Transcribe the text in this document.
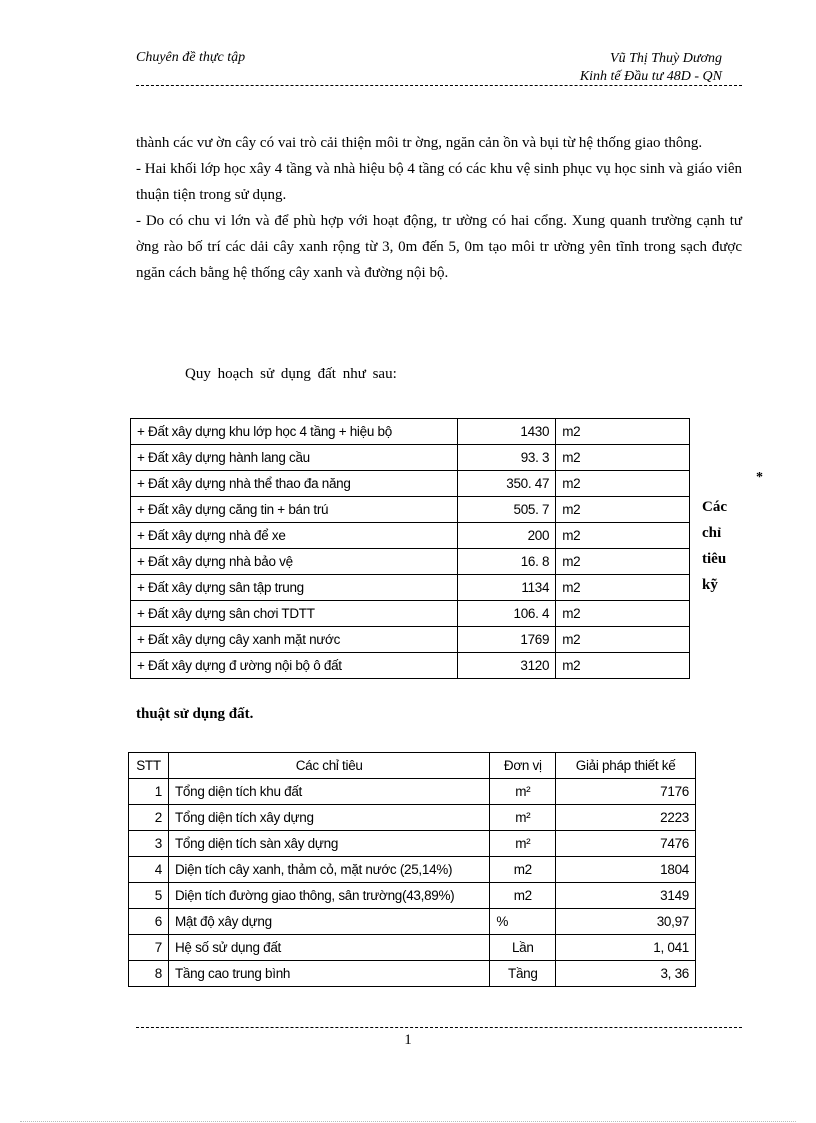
Chuyên đề thực tập	Vũ Thị Thuỳ Dương
Kinh tế Đầu tư 48D - QN

thành các vư ờn cây có vai trò cải thiện môi tr ờng, ngăn cản ồn và bụi từ hệ thống giao thông.

- Hai khối lớp học xây 4 tầng và nhà hiệu bộ 4 tầng có các khu vệ sinh phục vụ học sinh và giáo viên thuận tiện trong sử dụng.

- Do có chu vi lớn và để phù hợp với hoạt động, tr ường có hai cổng. Xung quanh trường cạnh tư ờng rào bố trí các dải cây xanh rộng từ 3, 0m đến 5, 0m tạo môi tr ường yên tĩnh trong sạch được ngăn cách bằng hệ thống cây xanh và đường nội bộ.

Quy hoạch sử dụng đất như sau:
+ Đất xây dựng khu lớp học 4 tầng + hiệu bộ	1430	m2
+ Đất xây dựng hành lang cầu	93. 3	m2
+ Đất xây dựng nhà thể thao đa năng	350. 47	m2
+ Đất xây dựng căng tin + bán trú	505. 7	m2
+ Đất xây dựng nhà để xe	200	m2
+ Đất xây dựng nhà bảo vệ	16. 8	m2
+ Đất xây dựng sân tập trung	1134	m2
+ Đất xây dựng sân chơi TDTT	106. 4	m2
+ Đất xây dựng cây xanh mặt nước	1769	m2
+ Đất xây dựng đ ường nội bộ ô đất	3120	m2
*
Các
chỉ
tiêu
kỹ
thuật sử dụng đất.
STT	Các chỉ tiêu	Đơn vị	Giải pháp thiết kế
1	Tổng diện tích khu đất	m²	7176
2	Tổng diện tích xây dựng	m²	2223
3	Tổng diện tích sàn xây dựng	m²	7476
4	Diện tích cây xanh, thảm cỏ, mặt nước (25,14%)	m2	1804
5	Diện tích đường giao thông, sân trường(43,89%)	m2	3149
6	Mật độ xây dựng	%	30,97
7	Hệ số sử dụng đất	Lần	1, 041
8	Tầng cao trung bình	Tầng	3, 36
1
